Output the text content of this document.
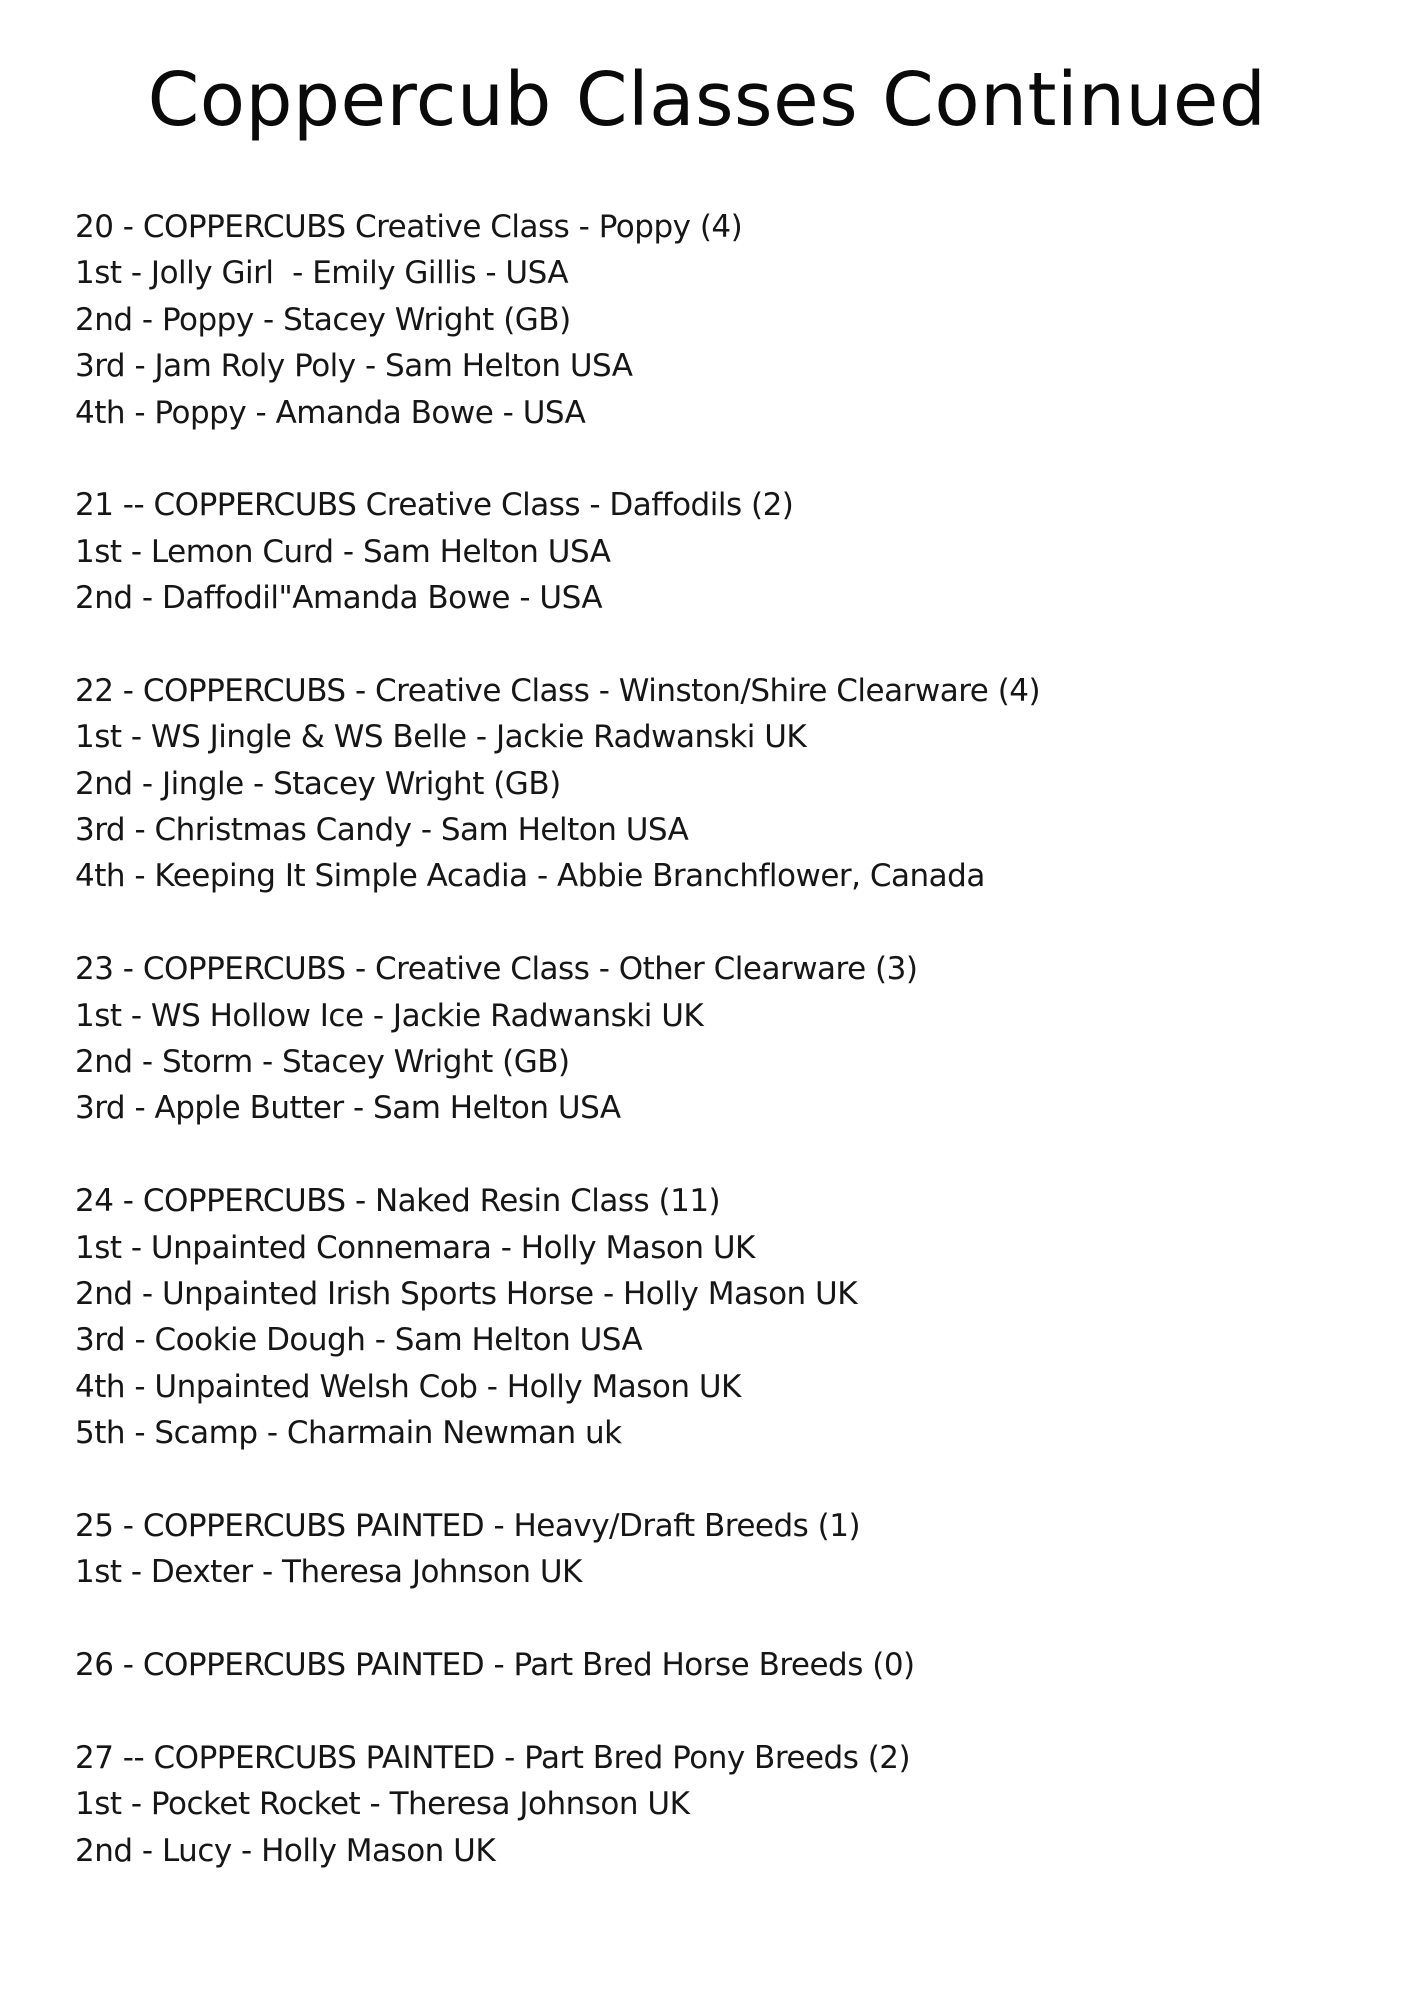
Coppercub Classes Continued
20 - COPPERCUBS Creative Class - Poppy (4)
1st - Jolly Girl  - Emily Gillis - USA
2nd - Poppy - Stacey Wright (GB)
3rd - Jam Roly Poly - Sam Helton USA
4th - Poppy - Amanda Bowe - USA
21 -- COPPERCUBS Creative Class - Daffodils (2)
1st - Lemon Curd - Sam Helton USA
2nd - Daffodil"Amanda Bowe - USA
22 - COPPERCUBS - Creative Class - Winston/Shire Clearware (4)
1st - WS Jingle & WS Belle - Jackie Radwanski UK
2nd - Jingle - Stacey Wright (GB)
3rd - Christmas Candy - Sam Helton USA
4th - Keeping It Simple Acadia - Abbie Branchflower, Canada
23 - COPPERCUBS - Creative Class - Other Clearware (3)
1st - WS Hollow Ice - Jackie Radwanski UK
2nd - Storm - Stacey Wright (GB)
3rd - Apple Butter - Sam Helton USA
24 - COPPERCUBS - Naked Resin Class (11)
1st - Unpainted Connemara - Holly Mason UK
2nd - Unpainted Irish Sports Horse - Holly Mason UK
3rd - Cookie Dough - Sam Helton USA
4th - Unpainted Welsh Cob - Holly Mason UK
5th - Scamp - Charmain Newman uk
25 - COPPERCUBS PAINTED - Heavy/Draft Breeds (1)
1st - Dexter - Theresa Johnson UK
26 - COPPERCUBS PAINTED - Part Bred Horse Breeds (0)
27 -- COPPERCUBS PAINTED - Part Bred Pony Breeds (2)
1st - Pocket Rocket - Theresa Johnson UK
2nd - Lucy - Holly Mason UK
